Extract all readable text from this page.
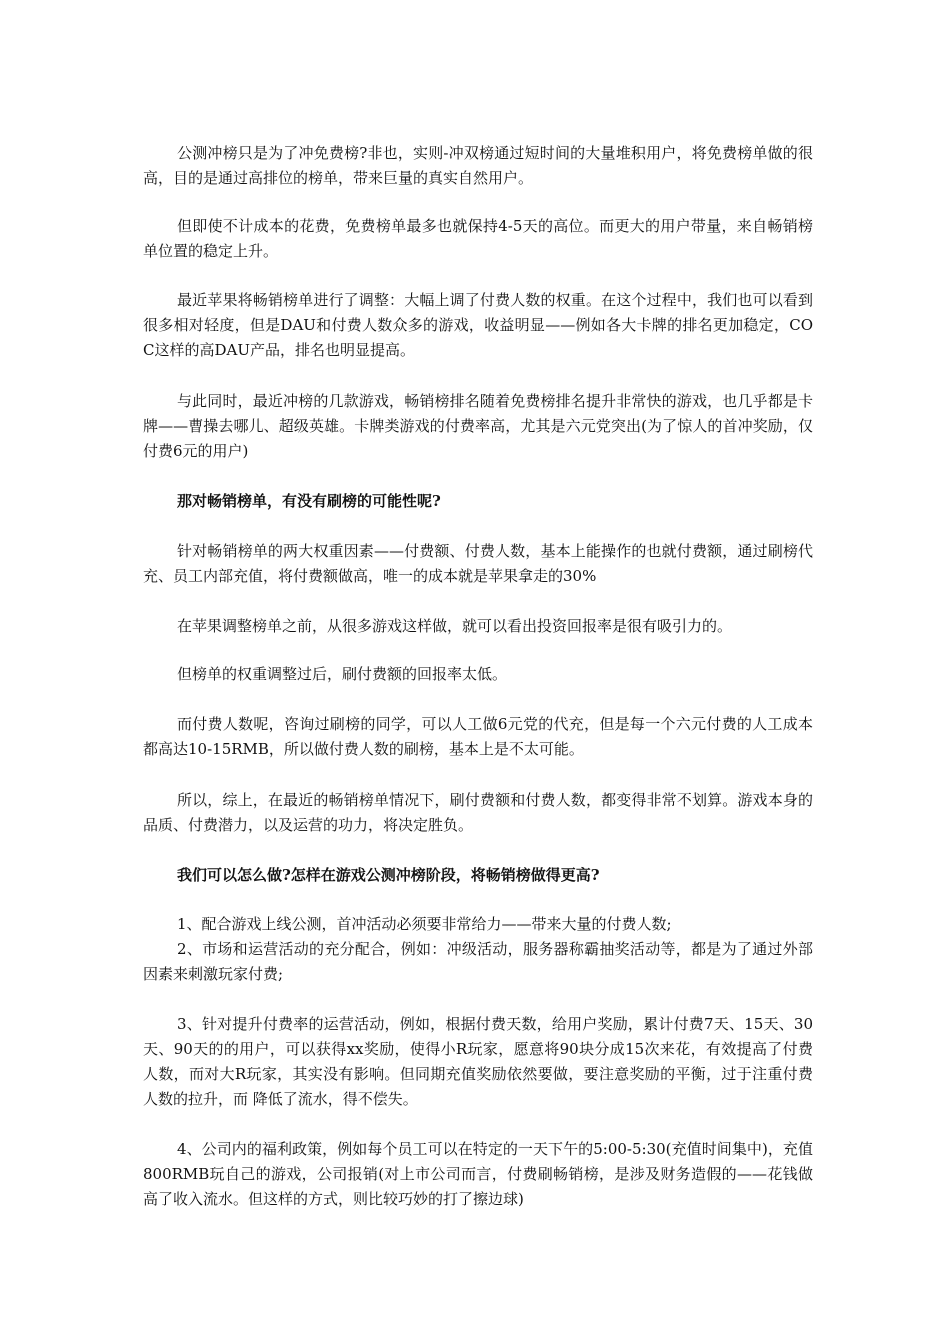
公测冲榜只是为了冲免费榜?非也，实则-冲双榜通过短时间的大量堆积用户，将免费榜单做的很高，目的是通过高排位的榜单，带来巨量的真实自然用户。

但即使不计成本的花费，免费榜单最多也就保持4-5天的高位。而更大的用户带量，来自畅销榜单位置的稳定上升。

最近苹果将畅销榜单进行了调整：大幅上调了付费人数的权重。在这个过程中，我们也可以看到很多相对轻度，但是DAU和付费人数众多的游戏，收益明显——例如各大卡牌的排名更加稳定，COC这样的高DAU产品，排名也明显提高。

与此同时，最近冲榜的几款游戏，畅销榜排名随着免费榜排名提升非常快的游戏，也几乎都是卡牌——曹操去哪儿、超级英雄。卡牌类游戏的付费率高，尤其是六元党突出(为了惊人的首冲奖励，仅付费6元的用户)

那对畅销榜单，有没有刷榜的可能性呢?

针对畅销榜单的两大权重因素——付费额、付费人数，基本上能操作的也就付费额，通过刷榜代充、员工内部充值，将付费额做高，唯一的成本就是苹果拿走的30%

在苹果调整榜单之前，从很多游戏这样做，就可以看出投资回报率是很有吸引力的。

但榜单的权重调整过后，刷付费额的回报率太低。

而付费人数呢，咨询过刷榜的同学，可以人工做6元党的代充，但是每一个六元付费的人工成本都高达10-15RMB，所以做付费人数的刷榜，基本上是不太可能。

所以，综上，在最近的畅销榜单情况下，刷付费额和付费人数，都变得非常不划算。游戏本身的品质、付费潜力，以及运营的功力，将决定胜负。

我们可以怎么做?怎样在游戏公测冲榜阶段，将畅销榜做得更高?

1、配合游戏上线公测，首冲活动必须要非常给力——带来大量的付费人数;

2、市场和运营活动的充分配合，例如：冲级活动，服务器称霸抽奖活动等，都是为了通过外部因素来刺激玩家付费;

3、针对提升付费率的运营活动，例如，根据付费天数，给用户奖励，累计付费7天、15天、30天、90天的的用户，可以获得xx奖励，使得小R玩家，愿意将90块分成15次来花，有效提高了付费人数，而对大R玩家，其实没有影响。但同期充值奖励依然要做，要注意奖励的平衡，过于注重付费人数的拉升，而 降低了流水，得不偿失。

4、公司内的福利政策，例如每个员工可以在特定的一天下午的5:00-5:30(充值时间集中)，充值800RMB玩自己的游戏，公司报销(对上市公司而言，付费刷畅销榜，是涉及财务造假的——花钱做高了收入流水。但这样的方式，则比较巧妙的打了擦边球)
